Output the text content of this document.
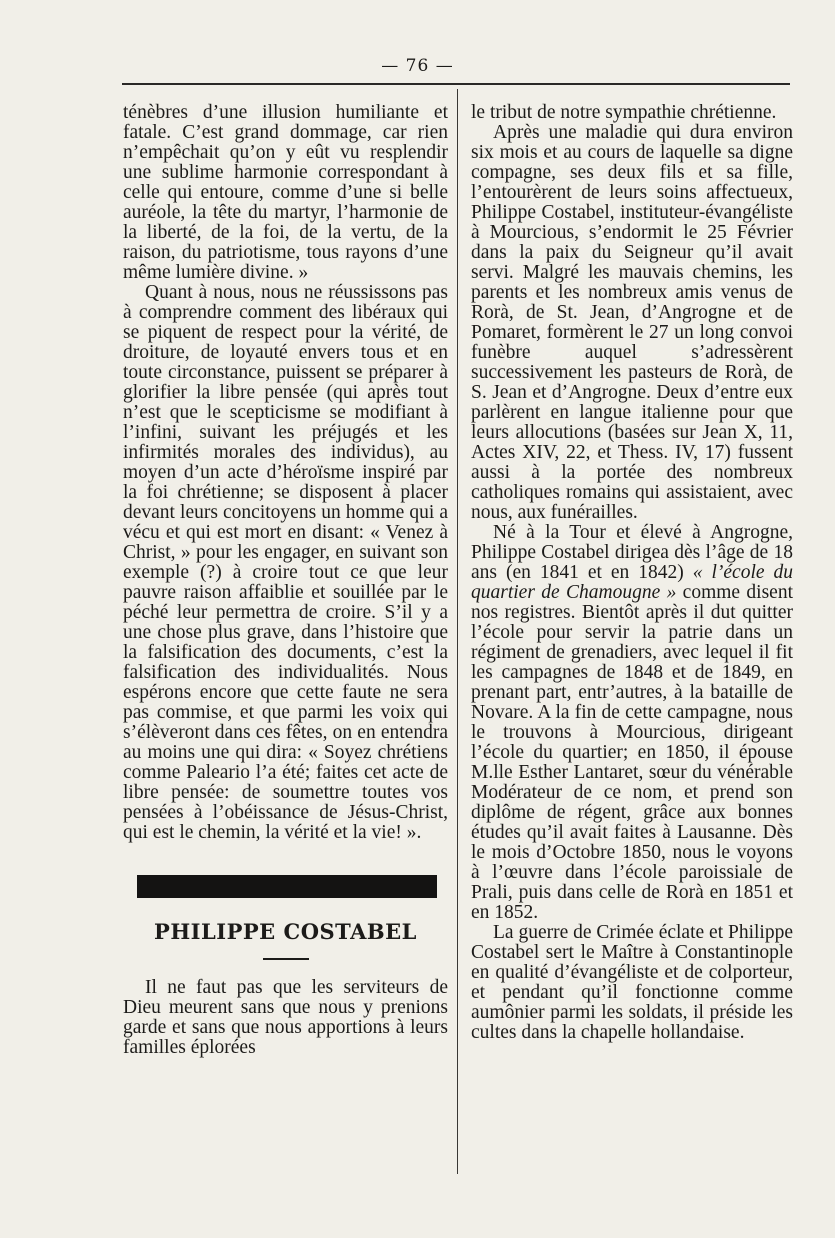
— 76 —

ténèbres d’une illusion humiliante et fatale. C’est grand dommage, car rien n’empêchait qu’on y eût vu resplendir une sublime harmonie correspondant à celle qui entoure, comme d’une si belle auréole, la tête du martyr, l’harmonie de la liberté, de la foi, de la vertu, de la raison, du patriotisme, tous rayons d’une même lumière divine. »

Quant à nous, nous ne réussissons pas à comprendre comment des libéraux qui se piquent de respect pour la vérité, de droiture, de loyauté envers tous et en toute circonstance, puissent se préparer à glorifier la libre pensée (qui après tout n’est que le scepticisme se modifiant à l’infini, suivant les préjugés et les infirmités morales des individus), au moyen d’un acte d’héroïsme inspiré par la foi chrétienne; se disposent à placer devant leurs concitoyens un homme qui a vécu et qui est mort en disant: « Venez à Christ, » pour les engager, en suivant son exemple (?) à croire tout ce que leur pauvre raison affaiblie et souillée par le péché leur permettra de croire. S’il y a une chose plus grave, dans l’histoire que la falsification des documents, c’est la falsification des individualités. Nous espérons encore que cette faute ne sera pas commise, et que parmi les voix qui s’élèveront dans ces fêtes, on en entendra au moins une qui dira: « Soyez chrétiens comme Paleario l’a été; faites cet acte de libre pensée: de soumettre toutes vos pensées à l’obéissance de Jésus-Christ, qui est le chemin, la vérité et la vie! ».

PHILIPPE COSTABEL

Il ne faut pas que les serviteurs de Dieu meurent sans que nous y prenions garde et sans que nous apportions à leurs familles éplorées

le tribut de notre sympathie chrétienne.

Après une maladie qui dura environ six mois et au cours de laquelle sa digne compagne, ses deux fils et sa fille, l’entourèrent de leurs soins affectueux, Philippe Costabel, instituteur-évangéliste à Mourcious, s’endormit le 25 Février dans la paix du Seigneur qu’il avait servi. Malgré les mauvais chemins, les parents et les nombreux amis venus de Rorà, de St. Jean, d’Angrogne et de Pomaret, formèrent le 27 un long convoi funèbre auquel s’adressèrent successivement les pasteurs de Rorà, de S. Jean et d’Angrogne. Deux d’entre eux parlèrent en langue italienne pour que leurs allocutions (basées sur Jean X, 11, Actes XIV, 22, et Thess. IV, 17) fussent aussi à la portée des nombreux catholiques romains qui assistaient, avec nous, aux funérailles.

Né à la Tour et élevé à Angrogne, Philippe Costabel dirigea dès l’âge de 18 ans (en 1841 et en 1842) « l’école du quartier de Chamougne » comme disent nos registres. Bientôt après il dut quitter l’école pour servir la patrie dans un régiment de grenadiers, avec lequel il fit les campagnes de 1848 et de 1849, en prenant part, entr’autres, à la bataille de Novare. A la fin de cette campagne, nous le trouvons à Mourcious, dirigeant l’école du quartier; en 1850, il épouse M.lle Esther Lantaret, sœur du vénérable Modérateur de ce nom, et prend son diplôme de régent, grâce aux bonnes études qu’il avait faites à Lausanne. Dès le mois d’Octobre 1850, nous le voyons à l’œuvre dans l’école paroissiale de Prali, puis dans celle de Rorà en 1851 et en 1852.

La guerre de Crimée éclate et Philippe Costabel sert le Maître à Constantinople en qualité d’évangéliste et de colporteur, et pendant qu’il fonctionne comme aumônier parmi les soldats, il préside les cultes dans la chapelle hollandaise.
